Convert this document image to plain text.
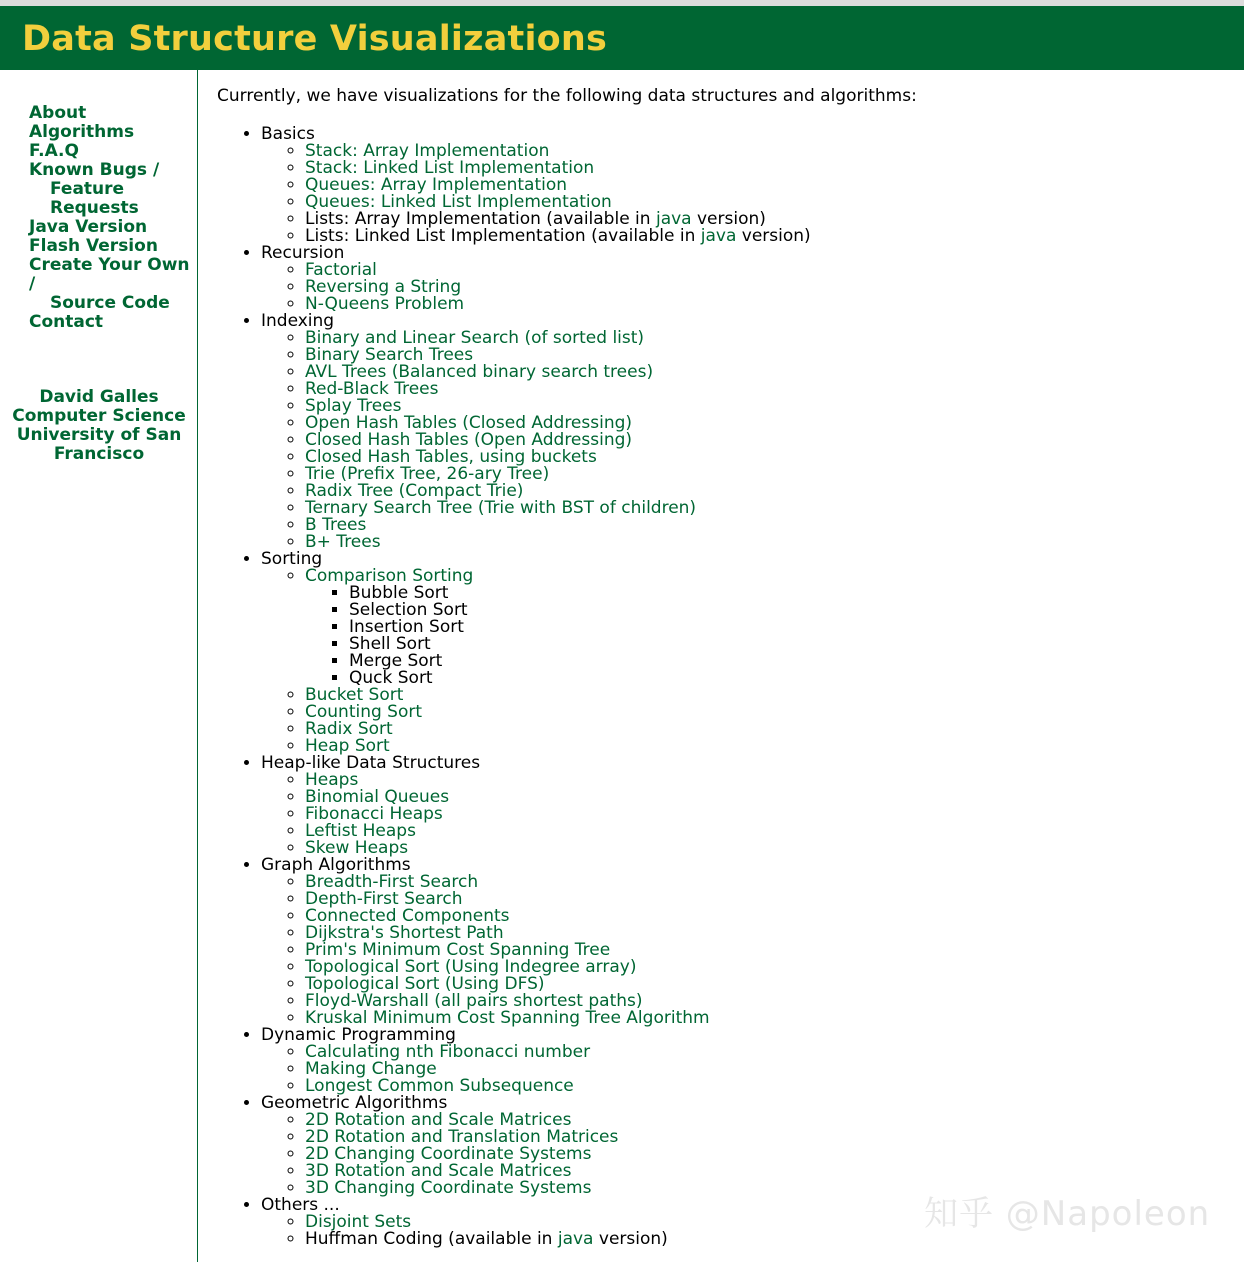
Data Structure Visualizations
About
Algorithms
F.A.Q
Known Bugs /
Feature
Requests
Java Version
Flash Version
Create Your Own
/
Source Code
Contact
David Galles
Computer Science
University of San
Francisco

Currently, we have visualizations for the following data structures and algorithms:

• Basics
◦ Stack: Array Implementation
◦ Stack: Linked List Implementation
◦ Queues: Array Implementation
◦ Queues: Linked List Implementation
◦ Lists: Array Implementation (available in java version)
◦ Lists: Linked List Implementation (available in java version)
• Recursion
◦ Factorial
◦ Reversing a String
◦ N-Queens Problem
• Indexing
◦ Binary and Linear Search (of sorted list)
◦ Binary Search Trees
◦ AVL Trees (Balanced binary search trees)
◦ Red-Black Trees
◦ Splay Trees
◦ Open Hash Tables (Closed Addressing)
◦ Closed Hash Tables (Open Addressing)
◦ Closed Hash Tables, using buckets
◦ Trie (Prefix Tree, 26-ary Tree)
◦ Radix Tree (Compact Trie)
◦ Ternary Search Tree (Trie with BST of children)
◦ B Trees
◦ B+ Trees
• Sorting
◦ Comparison Sorting
▪ Bubble Sort
▪ Selection Sort
▪ Insertion Sort
▪ Shell Sort
▪ Merge Sort
▪ Quck Sort
◦ Bucket Sort
◦ Counting Sort
◦ Radix Sort
◦ Heap Sort
• Heap-like Data Structures
◦ Heaps
◦ Binomial Queues
◦ Fibonacci Heaps
◦ Leftist Heaps
◦ Skew Heaps
• Graph Algorithms
◦ Breadth-First Search
◦ Depth-First Search
◦ Connected Components
◦ Dijkstra's Shortest Path
◦ Prim's Minimum Cost Spanning Tree
◦ Topological Sort (Using Indegree array)
◦ Topological Sort (Using DFS)
◦ Floyd-Warshall (all pairs shortest paths)
◦ Kruskal Minimum Cost Spanning Tree Algorithm
• Dynamic Programming
◦ Calculating nth Fibonacci number
◦ Making Change
◦ Longest Common Subsequence
• Geometric Algorithms
◦ 2D Rotation and Scale Matrices
◦ 2D Rotation and Translation Matrices
◦ 2D Changing Coordinate Systems
◦ 3D Rotation and Scale Matrices
◦ 3D Changing Coordinate Systems
• Others ...
◦ Disjoint Sets
◦ Huffman Coding (available in java version)
知乎 @Napoleon
